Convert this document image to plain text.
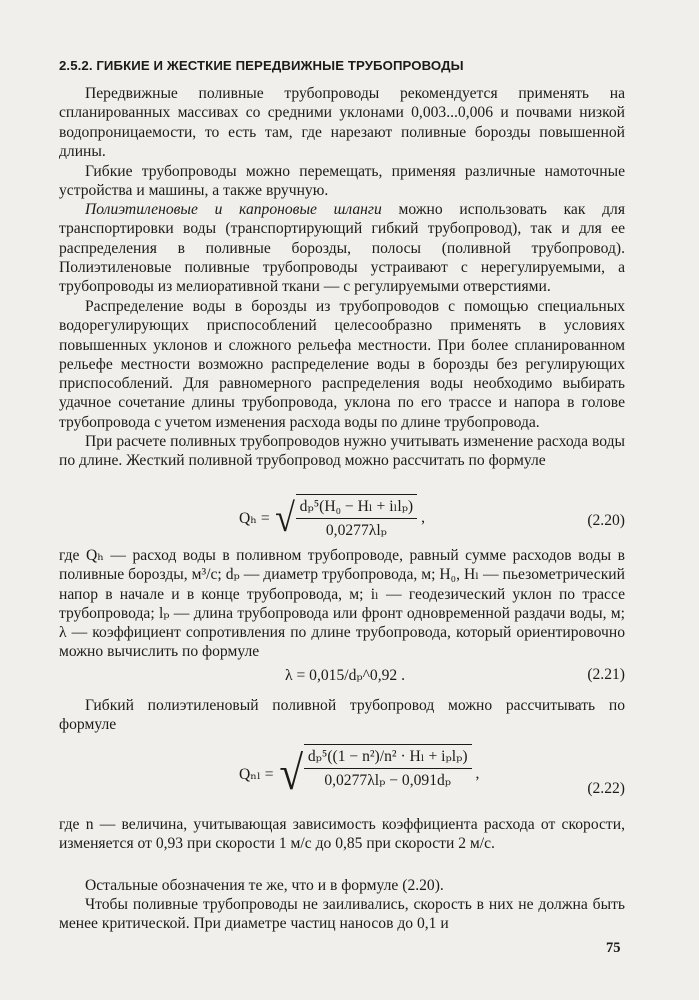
2.5.2. ГИБКИЕ И ЖЕСТКИЕ ПЕРЕДВИЖНЫЕ ТРУБОПРОВОДЫ

Передвижные поливные трубопроводы рекомендуется применять на спланированных массивах со средними уклонами 0,003...0,006 и почвами низкой водопроницаемости, то есть там, где нарезают поливные борозды повышенной длины.

Гибкие трубопроводы можно перемещать, применяя различные намоточные устройства и машины, а также вручную.

Полиэтиленовые и капроновые шланги можно использовать как для транспортировки воды (транспортирующий гибкий трубопровод), так и для ее распределения в поливные борозды, полосы (поливной трубопровод). Полиэтиленовые поливные трубопроводы устраивают с нерегулируемыми, а трубопроводы из мелиоративной ткани — с регулируемыми отверстиями.

Распределение воды в борозды из трубопроводов с помощью специальных водорегулирующих приспособлений целесообразно применять в условиях повышенных уклонов и сложного рельефа местности. При более спланированном рельефе местности возможно распределение воды в борозды без регулирующих приспособлений. Для равномерного распределения воды необходимо выбирать удачное сочетание длины трубопровода, уклона по его трассе и напора в голове трубопровода с учетом изменения расхода воды по длине трубопровода.

При расчете поливных трубопроводов нужно учитывать изменение расхода воды по длине. Жесткий поливной трубопровод можно рассчитать по формуле

Qₕ = √ $\frac{\text{dₚ⁵(H₀ − Hₗ + iₗlₚ)}}{\text{0,0277λlₚ}}$ ,	(2.20)

где Qₕ — расход воды в поливном трубопроводе, равный сумме расходов воды в поливные борозды, м³/с; dₚ — диаметр трубопровода, м; H₀, Hₗ — пьезометрический напор в начале и в конце трубопровода, м; iₗ — геодезический уклон по трассе трубопровода; lₚ — длина трубопровода или фронт одновременной раздачи воды, м; λ — коэффициент сопротивления по длине трубопровода, который ориентировочно можно вычислить по формуле

λ = 0,015/dₚ^0,92 .	(2.21)

Гибкий полиэтиленовый поливной трубопровод можно рассчитывать по формуле

Qₙₗ = √ $\frac{\text{dₚ⁵((1 − n²)/n² · Hₗ + iₚlₚ)}}{\text{0,0277λlₚ − 0,091dₚ}}$ ,
(2.22)

где n — величина, учитывающая зависимость коэффициента расхода от скорости, изменяется от 0,93 при скорости 1 м/с до 0,85 при скорости 2 м/с.

Остальные обозначения те же, что и в формуле (2.20).

Чтобы поливные трубопроводы не заиливались, скорость в них не должна быть менее критической. При диаметре частиц наносов до 0,1 и

75
